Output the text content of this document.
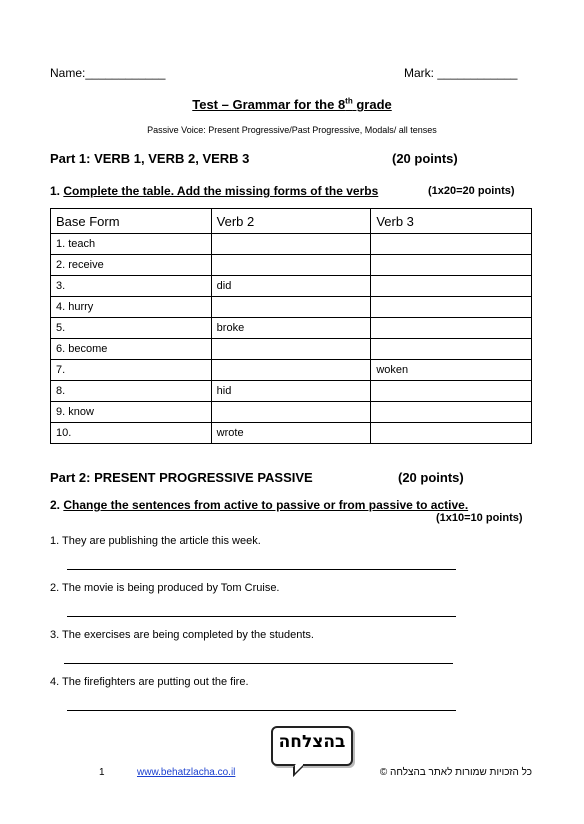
Name:____________	Mark: ____________
Test – Grammar for the 8th grade
Passive Voice: Present Progressive/Past Progressive, Modals/ all tenses
Part 1: VERB 1, VERB 2, VERB 3	(20 points)
1. Complete the table. Add the missing forms of the verbs	(1x20=20 points)
Base Form	Verb 2	Verb 3
1. teach		
2. receive		
3.	did	
4. hurry		
5.	broke	
6. become		
7.		woken
8.	hid	
9. know		
10.	wrote	
Part 2: PRESENT PROGRESSIVE PASSIVE	(20 points)
2. Change the sentences from active to passive or from passive to active.
(1x10=10 points)
1. They are publishing the article this week.
2. The movie is being produced by Tom Cruise.
3. The exercises are being completed by the students.
4. The firefighters are putting out the fire.
בהצלחה
1	www.behatzlacha.co.il	כל הזכויות שמורות לאתר בהצלחה ©
